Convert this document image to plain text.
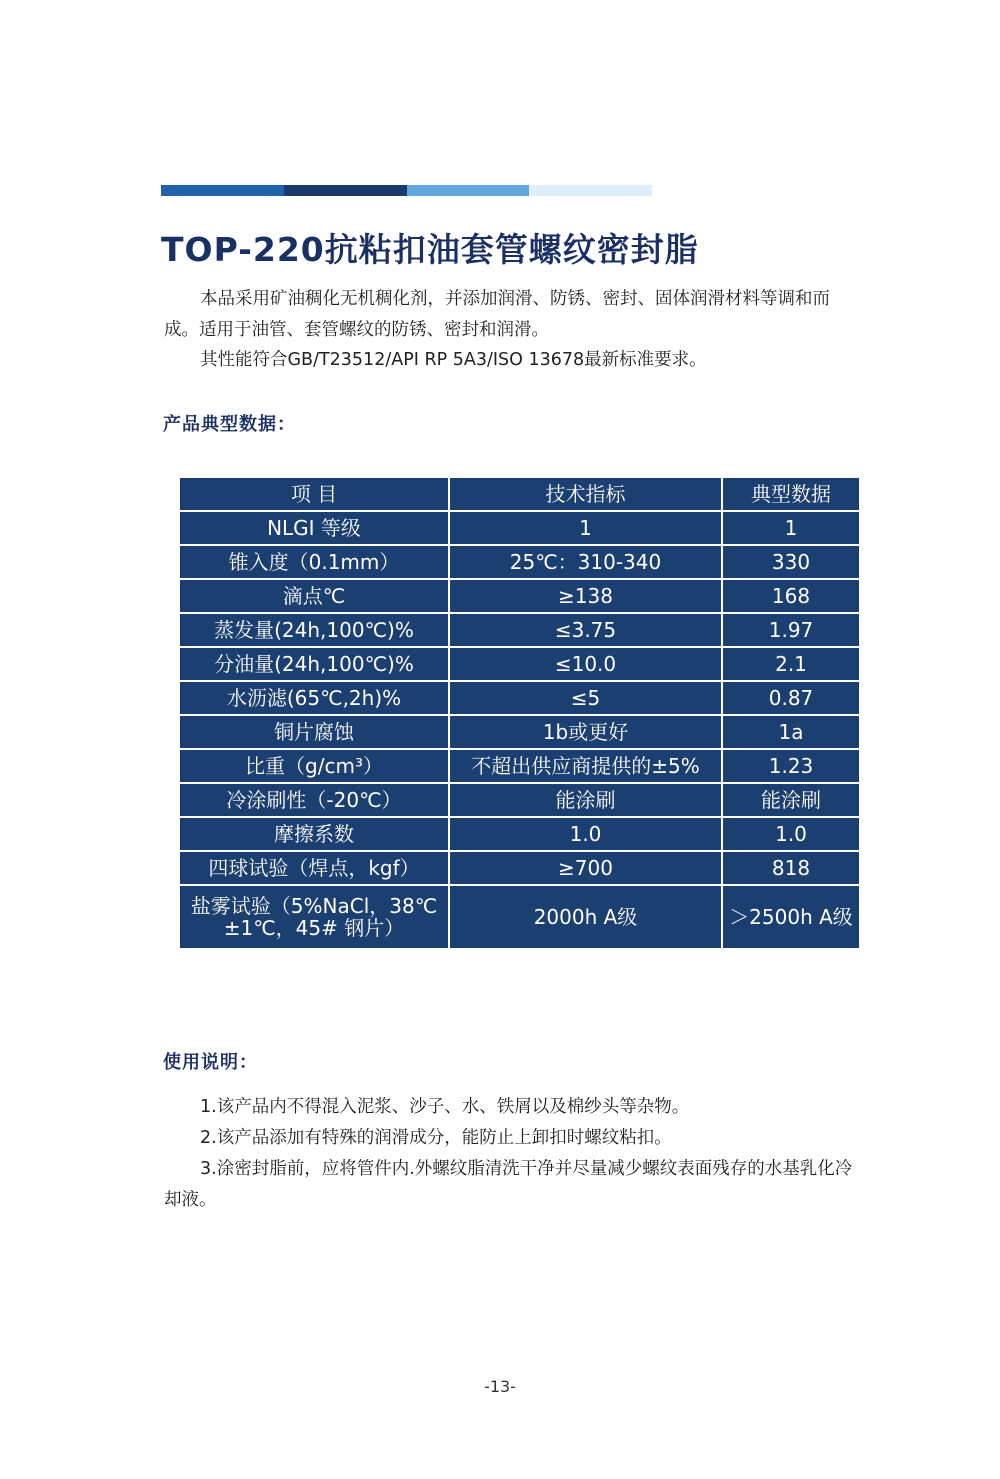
TOP-220抗粘扣油套管螺纹密封脂

本品采用矿油稠化无机稠化剂，并添加润滑、防锈、密封、固体润滑材料等调和而成。适用于油管、套管螺纹的防锈、密封和润滑。

其性能符合GB/T23512/API RP 5A3/ISO 13678最新标准要求。

产品典型数据：
项 目	技术指标	典型数据
NLGI 等级	1	1
锥入度（0.1mm）	25℃：310-340	330
滴点℃	≥138	168
蒸发量(24h,100℃)%	≤3.75	1.97
分油量(24h,100℃)%	≤10.0	2.1
水沥滤(65℃,2h)%	≤5	0.87
铜片腐蚀	1b或更好	1a
比重（g/cm³）	不超出供应商提供的±5%	1.23
冷涂刷性（-20℃）	能涂刷	能涂刷
摩擦系数	1.0	1.0
四球试验（焊点，kgf）	≥700	818
盐雾试验（5%NaCl，38℃±1℃，45# 钢片）	2000h A级	＞2500h A级
使用说明：

1.该产品内不得混入泥浆、沙子、水、铁屑以及棉纱头等杂物。

2.该产品添加有特殊的润滑成分，能防止上卸扣时螺纹粘扣。

3.涂密封脂前，应将管件内.外螺纹脂清洗干净并尽量减少螺纹表面残存的水基乳化冷却液。

-13-
